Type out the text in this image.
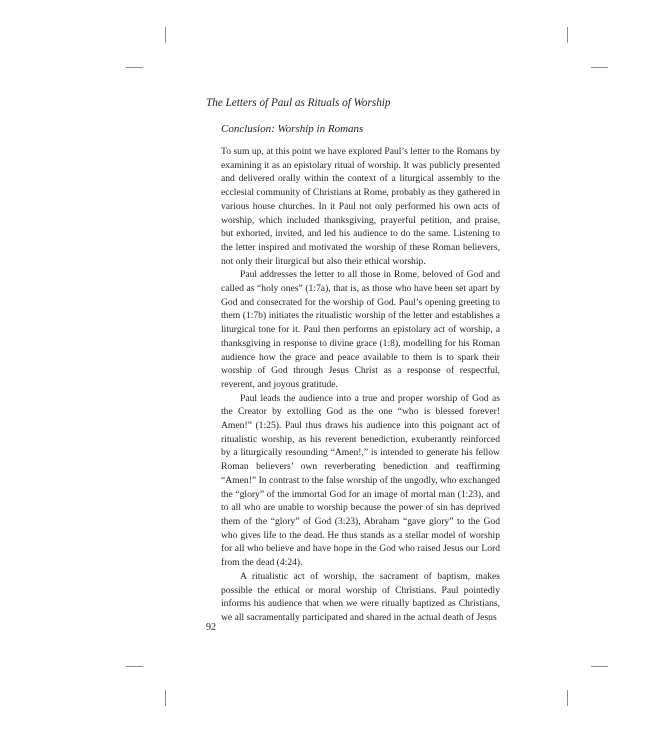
The Letters of Paul as Rituals of Worship
Conclusion: Worship in Romans

To sum up, at this point we have explored Paul’s letter to the Romans by examining it as an epistolary ritual of worship. It was publicly presented and delivered orally within the context of a liturgical assembly to the ecclesial community of Christians at Rome, probably as they gathered in various house churches. In it Paul not only performed his own acts of worship, which included thanksgiving, prayerful petition, and praise, but exhorted, invited, and led his audience to do the same. Listening to the letter inspired and motivated the worship of these Roman believers, not only their liturgical but also their ethical worship.

Paul addresses the letter to all those in Rome, beloved of God and called as “holy ones” (1:7a), that is, as those who have been set apart by God and consecrated for the worship of God. Paul’s opening greeting to them (1:7b) initiates the ritualistic worship of the letter and establishes a liturgical tone for it. Paul then performs an epistolary act of worship, a thanksgiving in response to divine grace (1:8), modelling for his Roman audience how the grace and peace available to them is to spark their worship of God through Jesus Christ as a response of respectful, reverent, and joyous gratitude.

Paul leads the audience into a true and proper worship of God as the Creator by extolling God as the one “who is blessed forever! Amen!” (1:25). Paul thus draws his audience into this poignant act of ritualistic worship, as his reverent benediction, exuberantly reinforced by a liturgically resounding “Amen!,” is intended to generate his fellow Roman believers’ own reverberating benediction and reaffirming “Amen!” In contrast to the false worship of the ungodly, who exchanged the “glory” of the immortal God for an image of mortal man (1:23), and to all who are unable to worship because the power of sin has deprived them of the “glory” of God (3:23), Abraham “gave glory” to the God who gives life to the dead. He thus stands as a stellar model of worship for all who believe and have hope in the God who raised Jesus our Lord from the dead (4:24).

A ritualistic act of worship, the sacrament of baptism, makes possible the ethical or moral worship of Christians. Paul pointedly informs his audience that when we were ritually baptized as Christians, we all sacramentally participated and shared in the actual death of Jesus

92
